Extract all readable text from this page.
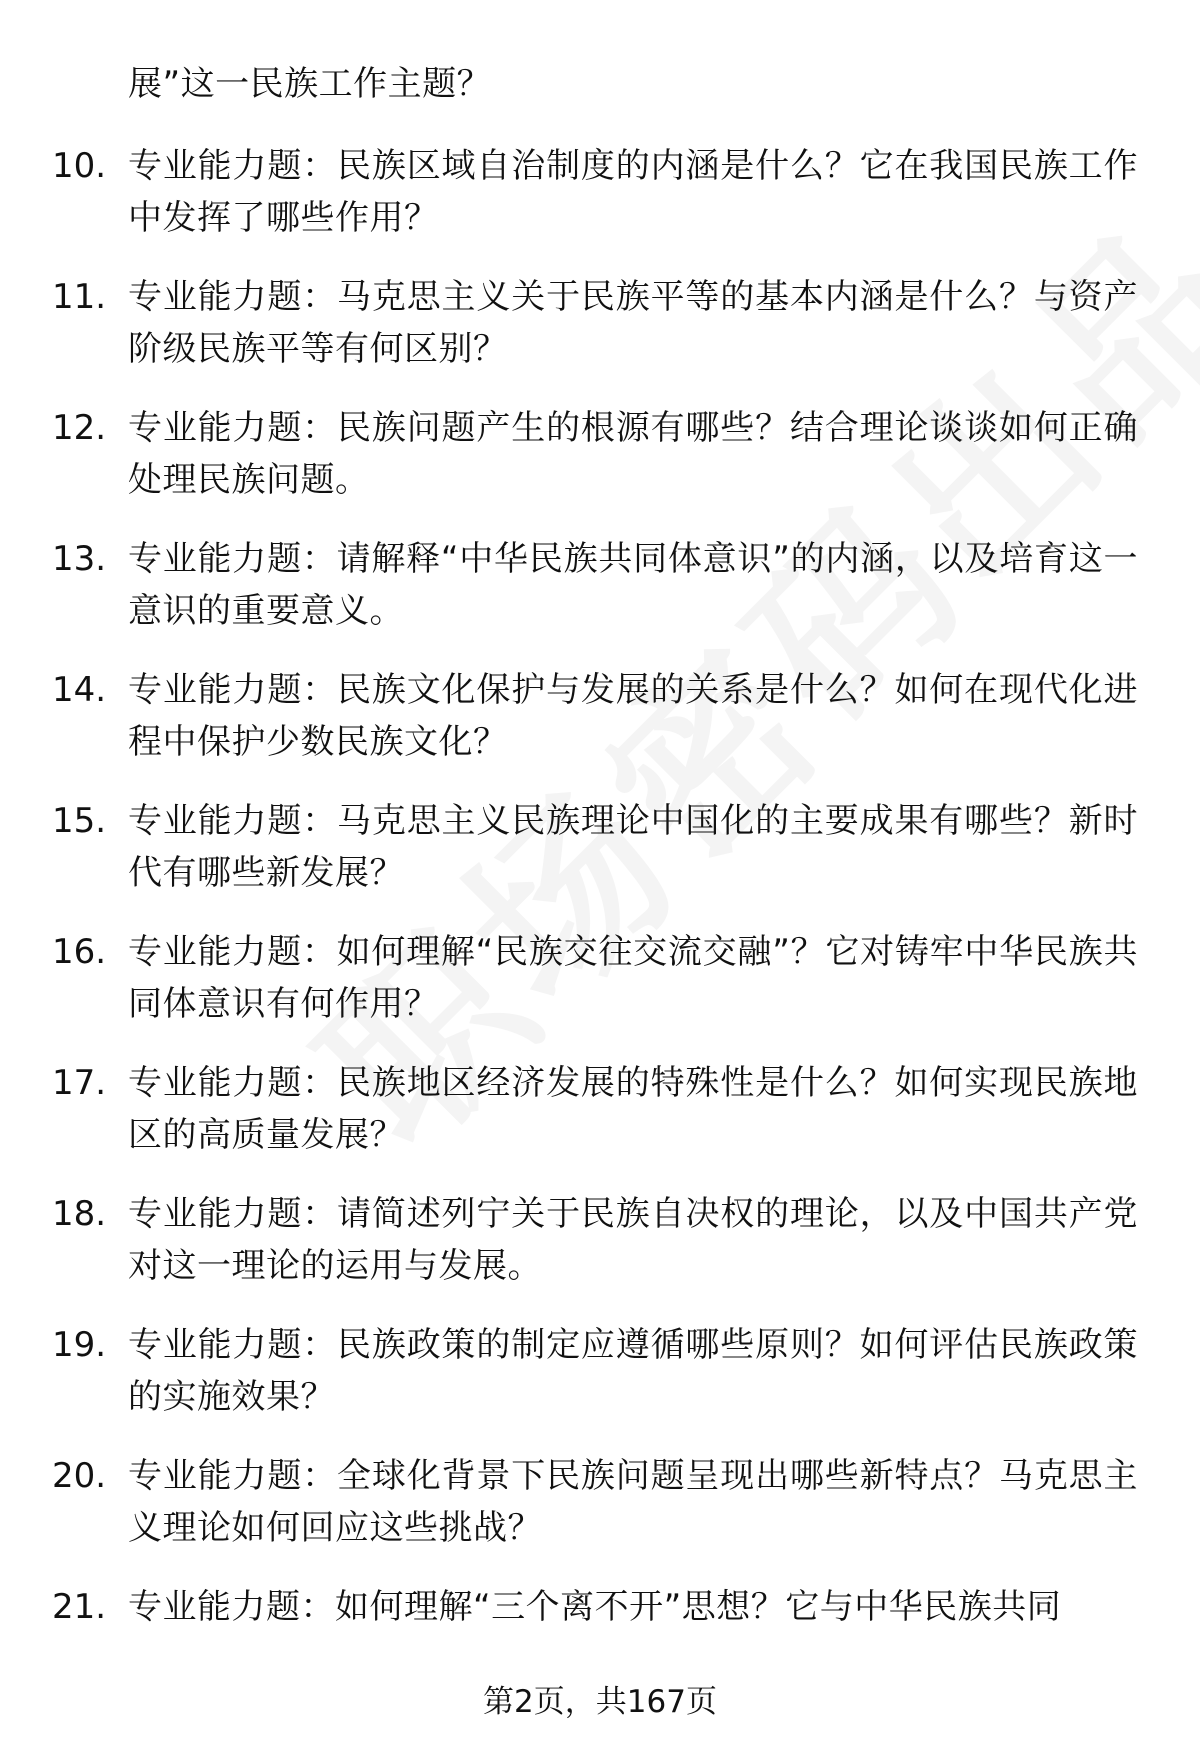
展”这一民族工作主题？
10. 专业能力题：民族区域自治制度的内涵是什么？它在我国民族工作中发挥了哪些作用？
11. 专业能力题：马克思主义关于民族平等的基本内涵是什么？与资产阶级民族平等有何区别？
12. 专业能力题：民族问题产生的根源有哪些？结合理论谈谈如何正确处理民族问题。
13. 专业能力题：请解释“中华民族共同体意识”的内涵，以及培育这一意识的重要意义。
14. 专业能力题：民族文化保护与发展的关系是什么？如何在现代化进程中保护少数民族文化？
15. 专业能力题：马克思主义民族理论中国化的主要成果有哪些？新时代有哪些新发展？
16. 专业能力题：如何理解“民族交往交流交融”？它对铸牢中华民族共同体意识有何作用？
17. 专业能力题：民族地区经济发展的特殊性是什么？如何实现民族地区的高质量发展？
18. 专业能力题：请简述列宁关于民族自决权的理论，以及中国共产党对这一理论的运用与发展。
19. 专业能力题：民族政策的制定应遵循哪些原则？如何评估民族政策的实施效果？
20. 专业能力题：全球化背景下民族问题呈现出哪些新特点？马克思主义理论如何回应这些挑战？
21. 专业能力题：如何理解“三个离不开”思想？它与中华民族共同
第2页，共167页
